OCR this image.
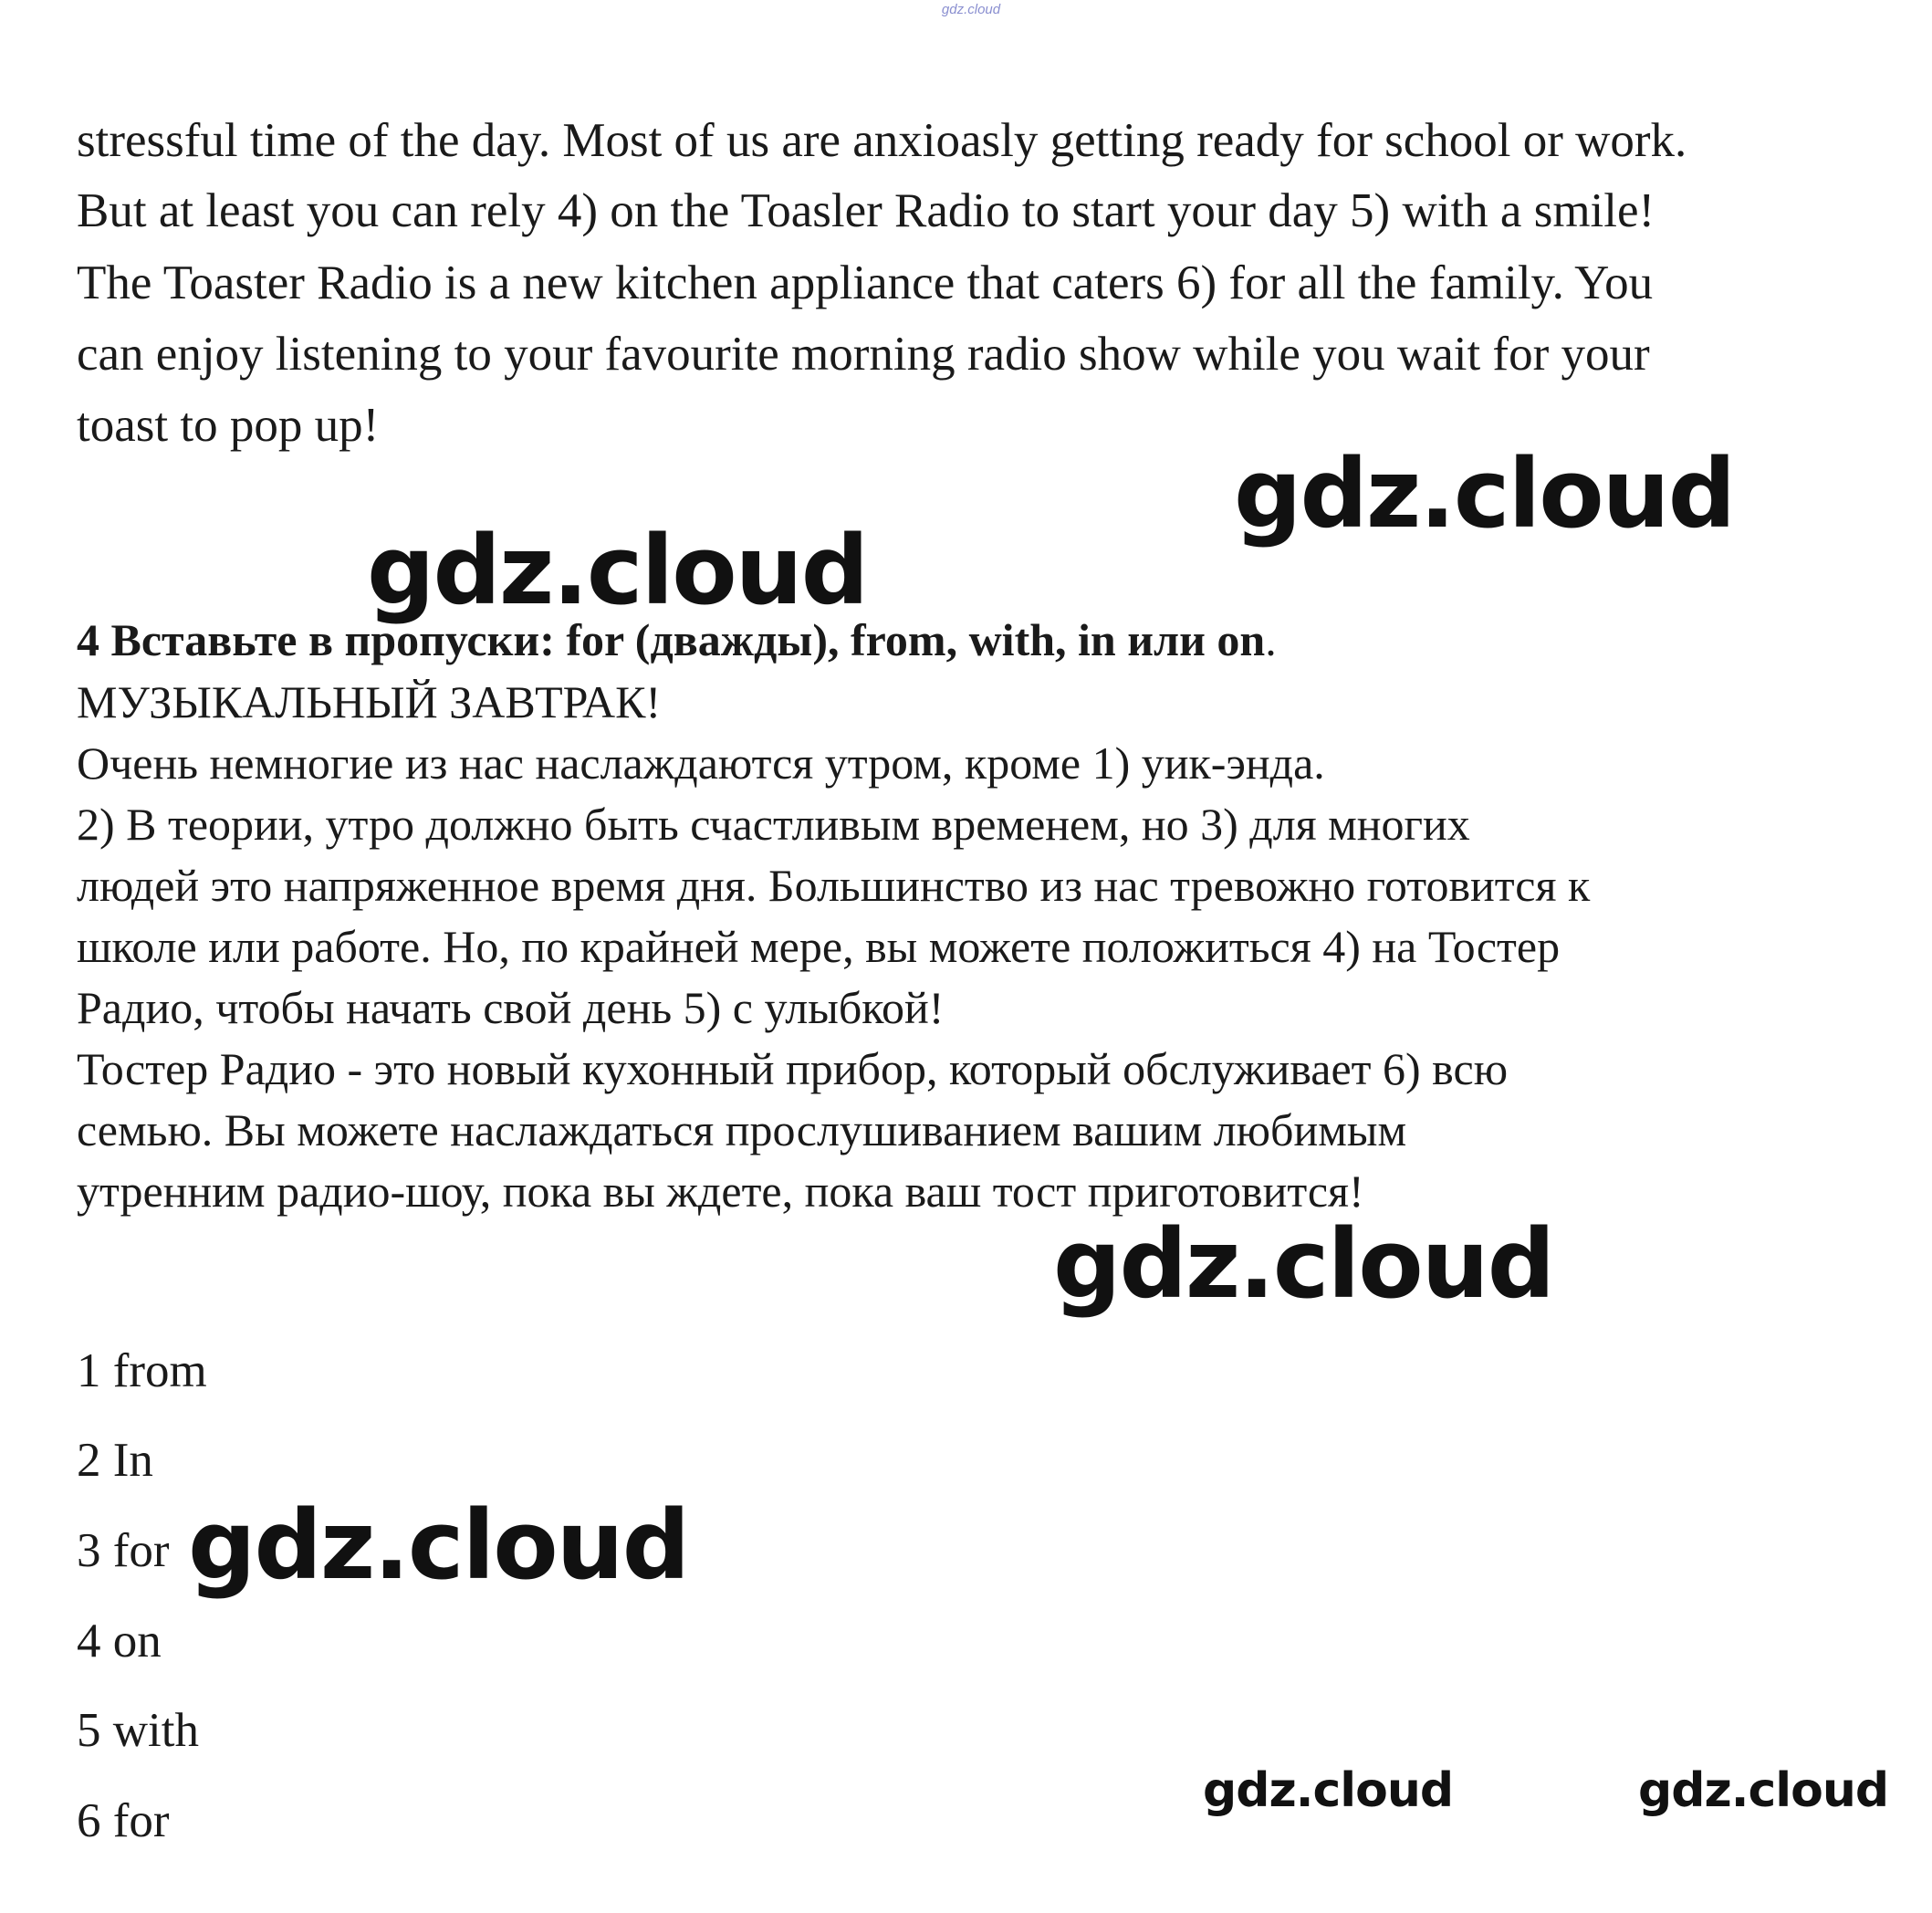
gdz.cloud
stressful time of the day. Most of us are anxioasly getting ready for school or work.
But at least you can rely 4) on the Toasler Radio to start your day 5) with a smile!
The Toaster Radio is a new kitchen appliance that caters 6) for all the family. You
can enjoy listening to your favourite morning radio show while you wait for your
toast to pop up!
4 Вставьте в пропуски: for (дважды), from, with, in или on.
МУЗЫКАЛЬНЫЙ ЗАВТРАК!
Очень немногие из нас наслаждаются утром, кроме 1) уик-энда.
2) В теории, утро должно быть счастливым временем, но 3) для многих
людей это напряженное время дня. Большинство из нас тревожно готовится к
школе или работе. Но, по крайней мере, вы можете положиться 4) на Тостер
Радио, чтобы начать свой день 5) с улыбкой!
Тостер Радио - это новый кухонный прибор, который обслуживает 6) всю
семью. Вы можете наслаждаться прослушиванием вашим любимым
утренним радио-шоу, пока вы ждете, пока ваш тост приготовится!
1 from
2 In
3 for
4 on
5 with
6 for
gdz.cloud
gdz.cloud
gdz.cloud
gdz.cloud
gdz.cloud	gdz.cloud
